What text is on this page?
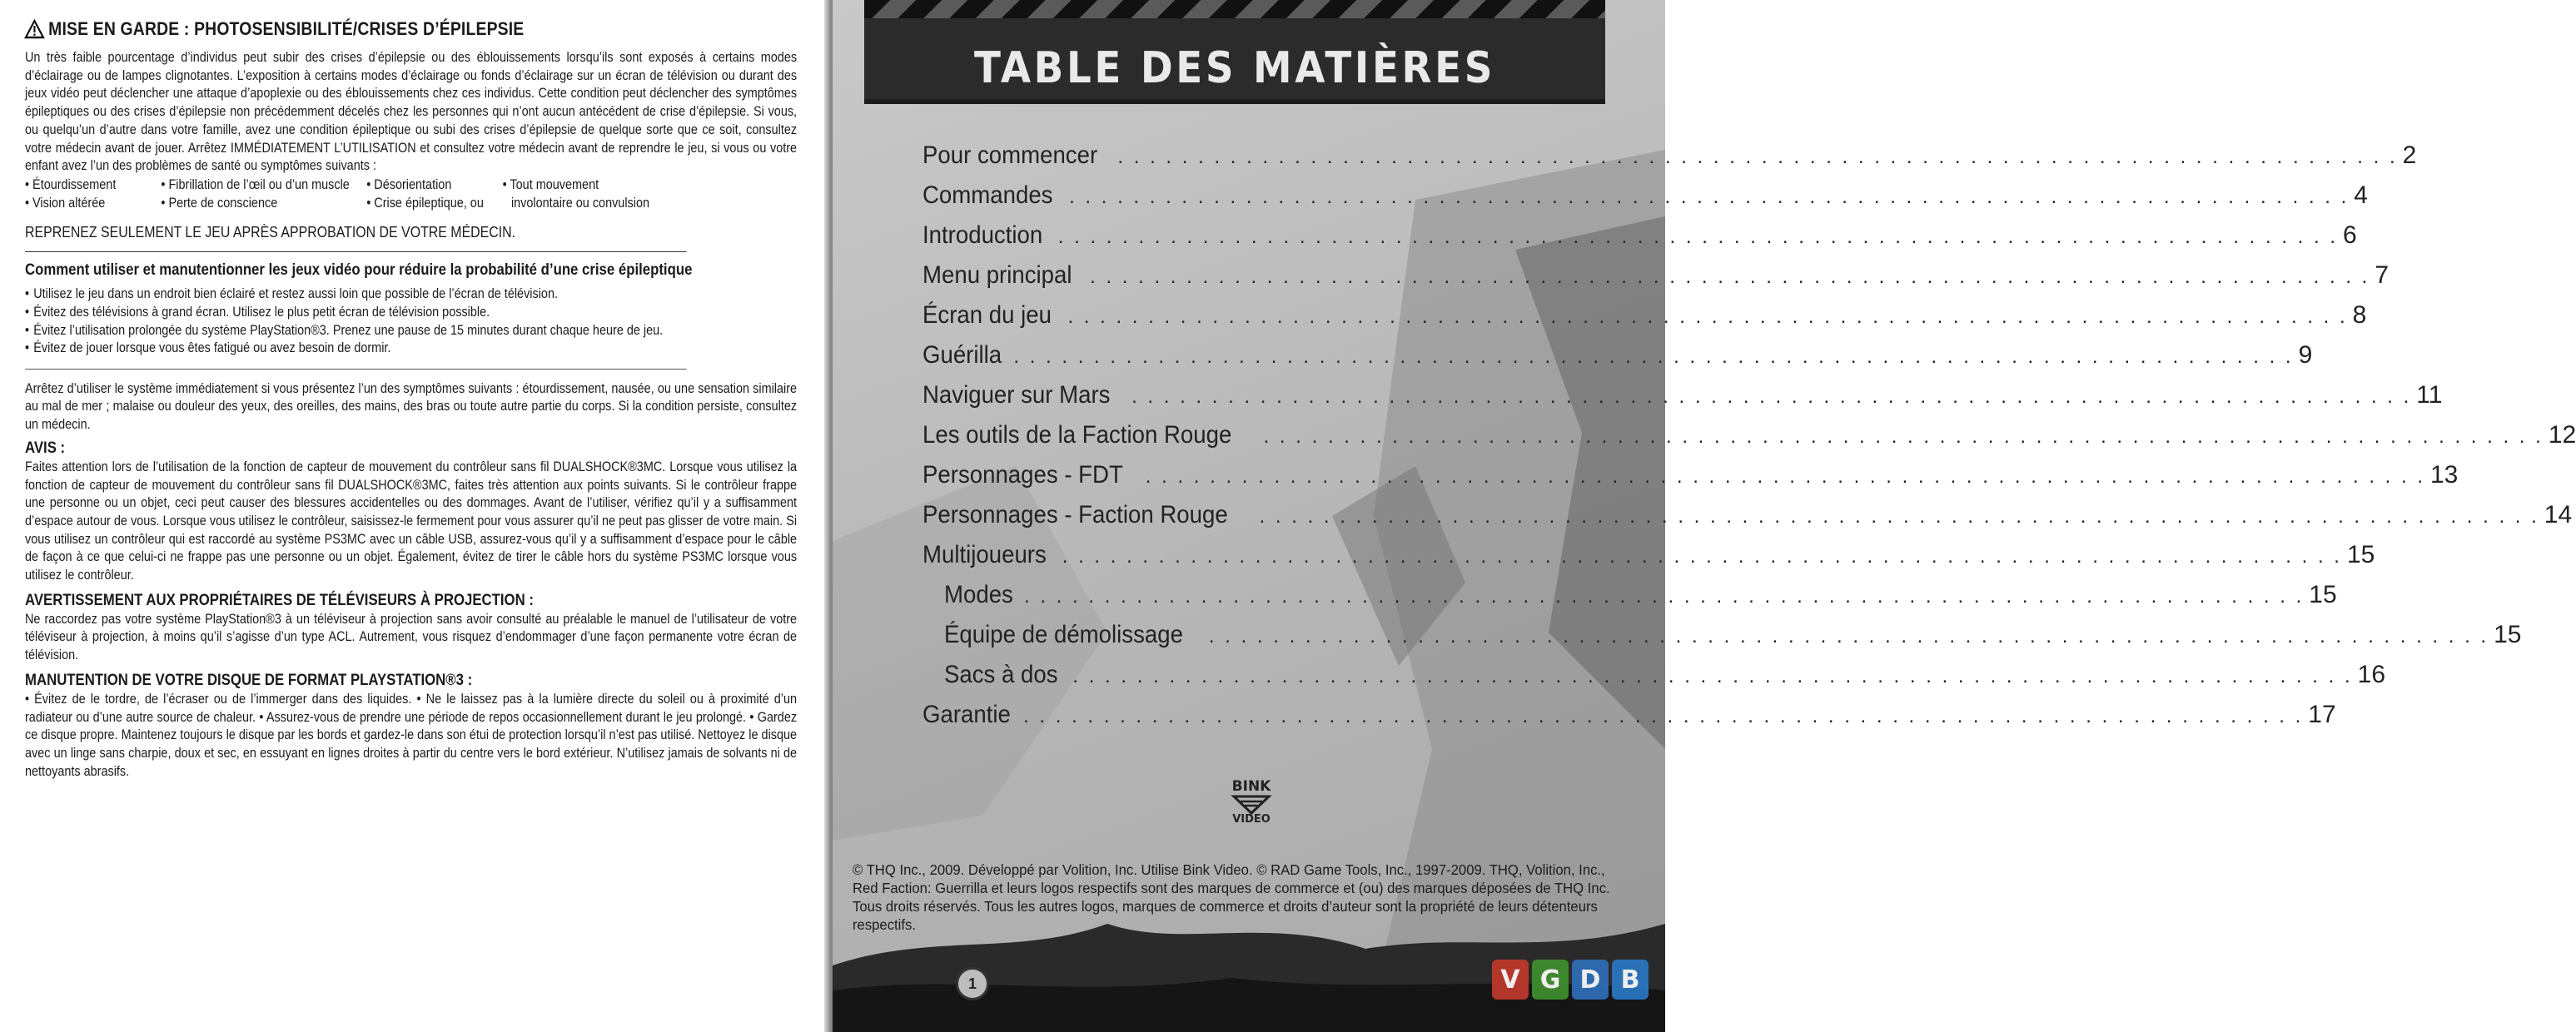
MISE EN GARDE : PHOTOSENSIBILITÉ/CRISES D’ÉPILEPSIE

Un très faible pourcentage d’individus peut subir des crises d’épilepsie ou des éblouissements lorsqu’ils sont exposés à certains modes d’éclairage ou de lampes clignotantes. L’exposition à certains modes d’éclairage ou fonds d’éclairage sur un écran de télévision ou durant des jeux vidéo peut déclencher une attaque d’apoplexie ou des éblouissements chez ces individus. Cette condition peut déclencher des symptômes épileptiques ou des crises d’épilepsie non précédemment décelés chez les personnes qui n’ont aucun antécédent de crise d’épilepsie. Si vous, ou quelqu’un d’autre dans votre famille, avez une condition épileptique ou subi des crises d’épilepsie de quelque sorte que ce soit, consultez votre médecin avant de jouer. Arrêtez IMMÉDIATEMENT L’UTILISATION et consultez votre médecin avant de reprendre le jeu, si vous ou votre enfant avez l’un des problèmes de santé ou symptômes suivants :

• Étourdissement	• Fibrillation de l’œil ou d’un muscle	• Désorientation	• Tout mouvement
• Vision altérée	• Perte de conscience	• Crise épileptique, ou	involontaire ou convulsion

REPRENEZ SEULEMENT LE JEU APRÈS APPROBATION DE VOTRE MÉDECIN.

Comment utiliser et manutentionner les jeux vidéo pour réduire la probabilité d’une crise épileptique

• Utilisez le jeu dans un endroit bien éclairé et restez aussi loin que possible de l’écran de télévision.
• Évitez des télévisions à grand écran. Utilisez le plus petit écran de télévision possible.
• Évitez l’utilisation prolongée du système PlayStation®3. Prenez une pause de 15 minutes durant chaque heure de jeu.
• Évitez de jouer lorsque vous êtes fatigué ou avez besoin de dormir.

Arrêtez d’utiliser le système immédiatement si vous présentez l’un des symptômes suivants : étourdissement, nausée, ou une sensation similaire au mal de mer ; malaise ou douleur des yeux, des oreilles, des mains, des bras ou toute autre partie du corps. Si la condition persiste, consultez un médecin.

AVIS :

Faites attention lors de l’utilisation de la fonction de capteur de mouvement du contrôleur sans fil DUALSHOCK®3MC. Lorsque vous utilisez la fonction de capteur de mouvement du contrôleur sans fil DUALSHOCK®3MC, faites très attention aux points suivants. Si le contrôleur frappe une personne ou un objet, ceci peut causer des blessures accidentelles ou des dommages. Avant de l’utiliser, vérifiez qu’il y a suffisamment d’espace autour de vous. Lorsque vous utilisez le contrôleur, saisissez-le fermement pour vous assurer qu’il ne peut pas glisser de votre main. Si vous utilisez un contrôleur qui est raccordé au système PS3MC avec un câble USB, assurez-vous qu’il y a suffisamment d’espace pour le câble de façon à ce que celui-ci ne frappe pas une personne ou un objet. Également, évitez de tirer le câble hors du système PS3MC lorsque vous utilisez le contrôleur.

AVERTISSEMENT AUX PROPRIÉTAIRES DE TÉLÉVISEURS À PROJECTION :

Ne raccordez pas votre système PlayStation®3 à un téléviseur à projection sans avoir consulté au préalable le manuel de l’utilisateur de votre téléviseur à projection, à moins qu’il s’agisse d’un type ACL. Autrement, vous risquez d’endommager d’une façon permanente votre écran de télévision.

MANUTENTION DE VOTRE DISQUE DE FORMAT PLAYSTATION®3 :

• Évitez de le tordre, de l’écraser ou de l’immerger dans des liquides. • Ne le laissez pas à la lumière directe du soleil ou à proximité d’un radiateur ou d’une autre source de chaleur. • Assurez-vous de prendre une période de repos occasionnellement durant le jeu prolongé. • Gardez ce disque propre. Maintenez toujours le disque par les bords et gardez-le dans son étui de protection lorsqu’il n’est pas utilisé. Nettoyez le disque avec un linge sans charpie, doux et sec, en essuyant en lignes droites à partir du centre vers le bord extérieur. N’utilisez jamais de solvants ni de nettoyants abrasifs.

TABLE DES MATIÈRES
Pour commencer . . . . . . . . . . . . . . . . . . . . . . . . . . . . . . . . . . . . . . . . . . . . . . . . . . . . . . . . . . . . . . . . . . . . . . . . . . . . . . . . 2
Commandes . . . . . . . . . . . . . . . . . . . . . . . . . . . . . . . . . . . . . . . . . . . . . . . . . . . . . . . . . . . . . . . . . . . . . . . . . . . . . . . . 4
Introduction . . . . . . . . . . . . . . . . . . . . . . . . . . . . . . . . . . . . . . . . . . . . . . . . . . . . . . . . . . . . . . . . . . . . . . . . . . . . . . . . 6
Menu principal . . . . . . . . . . . . . . . . . . . . . . . . . . . . . . . . . . . . . . . . . . . . . . . . . . . . . . . . . . . . . . . . . . . . . . . . . . . . . . . . 7
Écran du jeu . . . . . . . . . . . . . . . . . . . . . . . . . . . . . . . . . . . . . . . . . . . . . . . . . . . . . . . . . . . . . . . . . . . . . . . . . . . . . . . . 8
Guérilla . . . . . . . . . . . . . . . . . . . . . . . . . . . . . . . . . . . . . . . . . . . . . . . . . . . . . . . . . . . . . . . . . . . . . . . . . . . . . . . . 9
Naviguer sur Mars . . . . . . . . . . . . . . . . . . . . . . . . . . . . . . . . . . . . . . . . . . . . . . . . . . . . . . . . . . . . . . . . . . . . . . . . . . . . . . . . 11
Les outils de la Faction Rouge . . . . . . . . . . . . . . . . . . . . . . . . . . . . . . . . . . . . . . . . . . . . . . . . . . . . . . . . . . . . . . . . . . . . . . . . . . . . . . . . 12
Personnages - FDT . . . . . . . . . . . . . . . . . . . . . . . . . . . . . . . . . . . . . . . . . . . . . . . . . . . . . . . . . . . . . . . . . . . . . . . . . . . . . . . . 13
Personnages - Faction Rouge . . . . . . . . . . . . . . . . . . . . . . . . . . . . . . . . . . . . . . . . . . . . . . . . . . . . . . . . . . . . . . . . . . . . . . . . . . . . . . . . 14
Multijoueurs . . . . . . . . . . . . . . . . . . . . . . . . . . . . . . . . . . . . . . . . . . . . . . . . . . . . . . . . . . . . . . . . . . . . . . . . . . . . . . . . 15
Modes . . . . . . . . . . . . . . . . . . . . . . . . . . . . . . . . . . . . . . . . . . . . . . . . . . . . . . . . . . . . . . . . . . . . . . . . . . . . . . . . 15
Équipe de démolissage . . . . . . . . . . . . . . . . . . . . . . . . . . . . . . . . . . . . . . . . . . . . . . . . . . . . . . . . . . . . . . . . . . . . . . . . . . . . . . . . 15
Sacs à dos . . . . . . . . . . . . . . . . . . . . . . . . . . . . . . . . . . . . . . . . . . . . . . . . . . . . . . . . . . . . . . . . . . . . . . . . . . . . . . . . 16
Garantie . . . . . . . . . . . . . . . . . . . . . . . . . . . . . . . . . . . . . . . . . . . . . . . . . . . . . . . . . . . . . . . . . . . . . . . . . . . . . . . . 17
BINK
VIDEO

© THQ Inc., 2009. Développé par Volition, Inc. Utilise Bink Video. © RAD Game Tools, Inc., 1997-2009. THQ, Volition, Inc., Red Faction: Guerrilla et leurs logos respectifs sont des marques de commerce et (ou) des marques déposées de THQ Inc. Tous droits réservés. Tous les autres logos, marques de commerce et droits d’auteur sont la propriété de leurs détenteurs respectifs.

1	V G D B
